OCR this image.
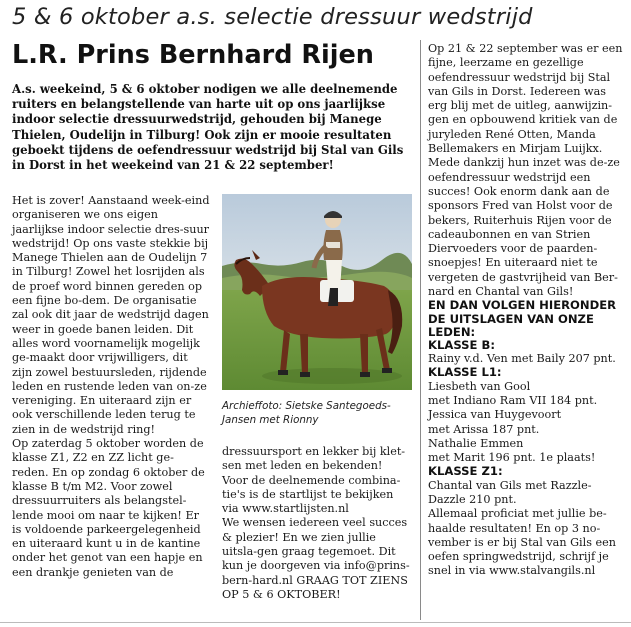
5 & 6 oktober a.s. selectie dressuur wedstrijd
L.R. Prins Bernhard Rijen
A.s. weekeind, 5 & 6 oktober nodigen we alle deelnemende ruiters en belangstellende van harte uit op ons jaarlijkse indoor selectie dressuurwedstrijd, gehouden bij Manege Thielen, Oudelijn in Tilburg! Ook zijn er mooie resultaten geboekt tijdens de oefendressuur wedstrijd bij Stal van Gils in Dorst in het weekeind van 21 & 22 september!

Het is zover! Aanstaand week-eind organiseren we ons eigen jaarlijkse indoor selectie dres-suur wedstrijd! Op ons vaste stekkie bij Manege Thielen aan de Oudelijn 7 in Tilburg! Zowel het losrijden als de proef word binnen gereden op een fijne bo-dem. De organisatie zal ook dit jaar de wedstrijd dagen weer in goede banen leiden. Dit alles word voornamelijk mogelijk ge-maakt door vrijwilligers, dit zijn zowel bestuursleden, rijdende leden en rustende leden van on-ze vereniging. En uiteraard zijn er ook verschillende leden terug te zien in de wedstrijd ring!

Op zaterdag 5 oktober worden de klasse Z1, Z2 en ZZ licht ge-reden. En op zondag 6 oktober de klasse B t/m M2. Voor zowel dressuurruiters als belangstel-lende mooi om naar te kijken! Er is voldoende parkeergelegenheid en uiteraard kunt u in de kantine onder het genot van een hapje en een drankje genieten van de

Archieffoto: Sietske Santegoeds-Jansen met Rionny

dressuursport en lekker bij klet-sen met leden en bekenden!

Voor de deelnemende combina-tie's is de startlijst te bekijken via www.startlijsten.nl

We wensen iedereen veel succes & plezier! En we zien jullie uitsla-gen graag tegemoet. Dit kun je doorgeven via info@prins-bern-hard.nl GRAAG TOT ZIENS OP 5 & 6 OKTOBER!

Op 21 & 22 september was er een fijne, leerzame en gezellige oefendressuur wedstrijd bij Stal van Gils in Dorst. Iedereen was erg blij met de uitleg, aanwijzin-gen en opbouwend kritiek van de juryleden René Otten, Manda Bellemakers en Mirjam Luijkx. Mede dankzij hun inzet was de-ze oefendressuur wedstrijd een succes! Ook enorm dank aan de sponsors Fred van Holst voor de bekers, Ruiterhuis Rijen voor de cadeaubonnen en van Strien Diervoeders voor de paarden-snoepjes! En uiteraard niet te vergeten de gastvrijheid van Ber-nard en Chantal van Gils!

EN DAN VOLGEN HIERONDER DE UITSLAGEN VAN ONZE LEDEN:
KLASSE B:

Rainy v.d. Ven met Baily 207 pnt.

KLASSE L1:

Liesbeth van Gool

met Indiano Ram VII 184 pnt.

Jessica van Huygevoort

met Arissa 187 pnt.

Nathalie Emmen

met Marit 196 pnt. 1e plaats!

KLASSE Z1:

Chantal van Gils met Razzle-Dazzle 210 pnt.

Allemaal proficiat met jullie be-haalde resultaten! En op 3 no-vember is er bij Stal van Gils een oefen springwedstrijd, schrijf je snel in via www.stalvangils.nl
